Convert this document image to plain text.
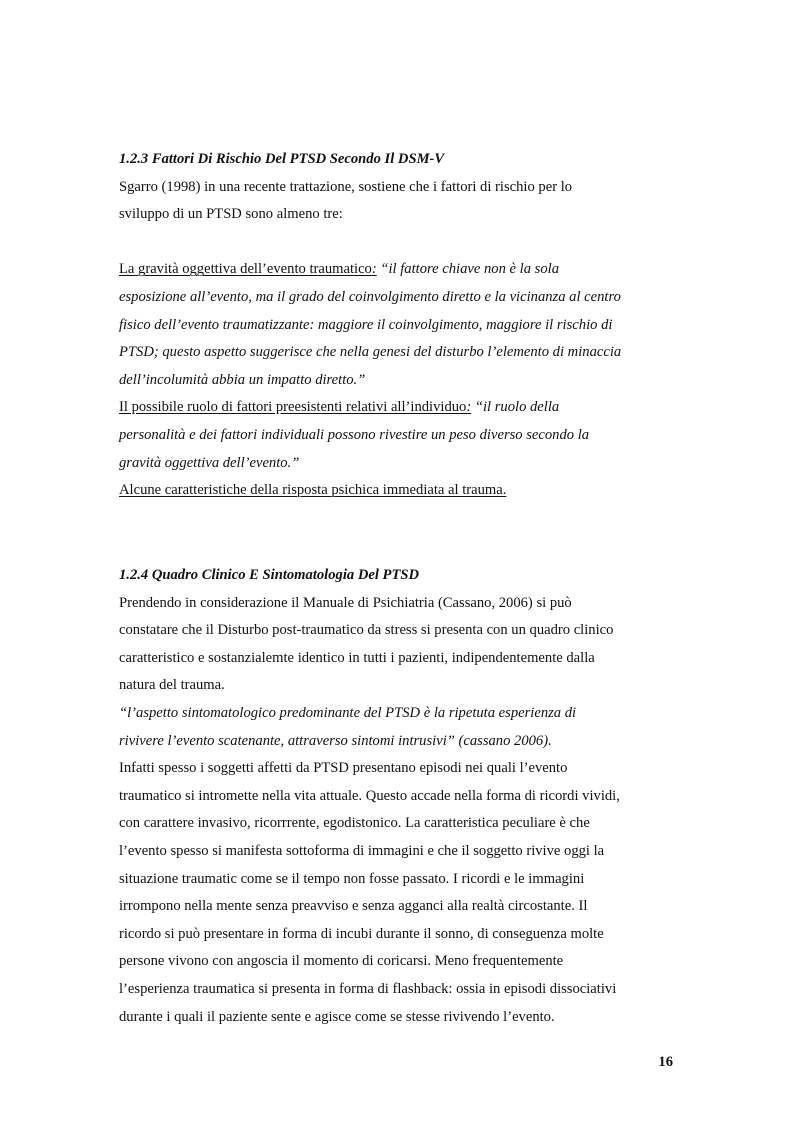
1.2.3 Fattori Di Rischio Del PTSD Secondo Il DSM-V
Sgarro (1998) in una recente trattazione, sostiene che i fattori di rischio per lo
sviluppo di un PTSD sono almeno tre:
La gravità oggettiva dell’evento traumatico: “il fattore chiave non è la sola
esposizione all’evento, ma il grado del coinvolgimento diretto e la vicinanza al centro
fisico dell’evento traumatizzante: maggiore il coinvolgimento, maggiore il rischio di
PTSD; questo aspetto suggerisce che nella genesi del disturbo l’elemento di minaccia
dell’incolumità abbia un impatto diretto.”
Il possibile ruolo di fattori preesistenti relativi all’individuo: “il ruolo della
personalità e dei fattori individuali possono rivestire un peso diverso secondo la
gravità oggettiva dell’evento.”
Alcune caratteristiche della risposta psichica immediata al trauma.
1.2.4 Quadro Clinico E Sintomatologia Del PTSD
Prendendo in considerazione il Manuale di Psichiatria (Cassano, 2006) si può
constatare che il Disturbo post-traumatico da stress si presenta con un quadro clinico
caratteristico e sostanzialemte identico in tutti i pazienti, indipendentemente dalla
natura del trauma.
“l’aspetto sintomatologico predominante del PTSD è la ripetuta esperienza di
rivivere l’evento scatenante, attraverso sintomi intrusivi” (cassano 2006).
Infatti spesso i soggetti affetti da PTSD presentano episodi nei quali l’evento
traumatico si intromette nella vita attuale. Questo accade nella forma di ricordi vividi,
con carattere invasivo, ricorrrente, egodistonico. La caratteristica peculiare è che
l’evento spesso si manifesta sottoforma di immagini e che il soggetto rivive oggi la
situazione traumatic come se il tempo non fosse passato. I ricordi e le immagini
irrompono nella mente senza preavviso e senza agganci alla realtà circostante. Il
ricordo si può presentare in forma di incubi durante il sonno, di conseguenza molte
persone vivono con angoscia il momento di coricarsi. Meno frequentemente
l’esperienza traumatica si presenta in forma di flashback: ossia in episodi dissociativi
durante i quali il paziente sente e agisce come se stesse rivivendo l’evento.
16
